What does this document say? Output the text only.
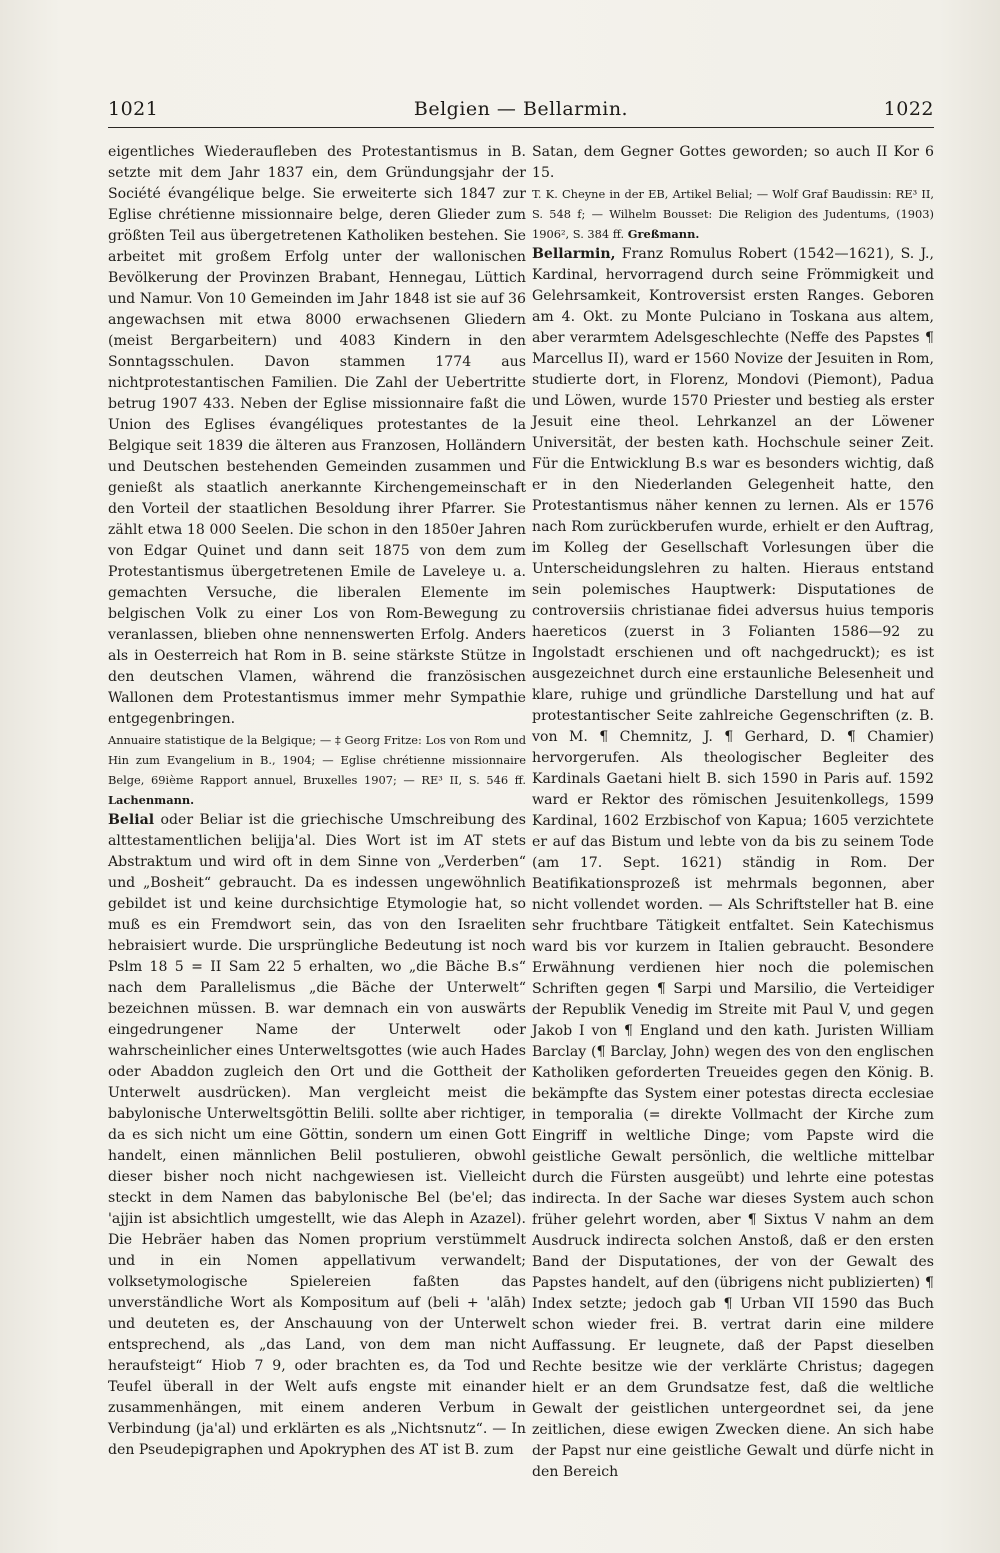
1021	Belgien — Bellarmin.	1022

eigentliches Wiederaufleben des Protestantismus in B. setzte mit dem Jahr 1837 ein, dem Gründungsjahr der Société évangélique belge. Sie erweiterte sich 1847 zur Eglise chrétienne missionnaire belge, deren Glieder zum größten Teil aus übergetretenen Katholiken bestehen. Sie arbeitet mit großem Erfolg unter der wallonischen Bevölkerung der Provinzen Brabant, Hennegau, Lüttich und Namur. Von 10 Gemeinden im Jahr 1848 ist sie auf 36 angewachsen mit etwa 8000 erwachsenen Gliedern (meist Bergarbeitern) und 4083 Kindern in den Sonntagsschulen. Davon stammen 1774 aus nichtprotestantischen Familien. Die Zahl der Uebertritte betrug 1907 433. Neben der Eglise missionnaire faßt die Union des Eglises évangéliques protestantes de la Belgique seit 1839 die älteren aus Franzosen, Holländern und Deutschen bestehenden Gemeinden zusammen und genießt als staatlich anerkannte Kirchengemeinschaft den Vorteil der staatlichen Besoldung ihrer Pfarrer. Sie zählt etwa 18 000 Seelen. Die schon in den 1850er Jahren von Edgar Quinet und dann seit 1875 von dem zum Protestantismus übergetretenen Emile de Laveleye u. a. gemachten Versuche, die liberalen Elemente im belgischen Volk zu einer Los von Rom-Bewegung zu veranlassen, blieben ohne nennenswerten Erfolg. Anders als in Oesterreich hat Rom in B. seine stärkste Stütze in den deutschen Vlamen, während die französischen Wallonen dem Protestantismus immer mehr Sympathie entgegenbringen.

Annuaire statistique de la Belgique; — ‡ Georg Fritze: Los von Rom und Hin zum Evangelium in B., 1904; — Eglise chrétienne missionnaire Belge, 69ième Rapport annuel, Bruxelles 1907; — RE³ II, S. 546 ff. Lachenmann.

Belial oder Beliar ist die griechische Umschreibung des alttestamentlichen beliјja'al. Dies Wort ist im AT stets Abstraktum und wird oft in dem Sinne von „Verderben“ und „Bosheit“ gebraucht. Da es indessen ungewöhnlich gebildet ist und keine durchsichtige Etymologie hat, so muß es ein Fremdwort sein, das von den Israeliten hebraisiert wurde. Die ursprüngliche Bedeutung ist noch Pslm 18 5 = II Sam 22 5 erhalten, wo „die Bäche B.s“ nach dem Parallelismus „die Bäche der Unterwelt“ bezeichnen müssen. B. war demnach ein von auswärts eingedrungener Name der Unterwelt oder wahrscheinlicher eines Unterweltsgottes (wie auch Hades oder Abaddon zugleich den Ort und die Gottheit der Unterwelt ausdrücken). Man vergleicht meist die babylonische Unterweltsgöttin Belili. sollte aber richtiger, da es sich nicht um eine Göttin, sondern um einen Gott handelt, einen männlichen Belil postulieren, obwohl dieser bisher noch nicht nachgewiesen ist. Vielleicht steckt in dem Namen das babylonische Bel (be'el; das 'ajjin ist absichtlich umgestellt, wie das Aleph in Azazel). Die Hebräer haben das Nomen proprium verstümmelt und in ein Nomen appellativum verwandelt; volksetymologische Spielereien faßten das unverständliche Wort als Kompositum auf (beli + 'alāh) und deuteten es, der Anschauung von der Unterwelt entsprechend, als „das Land, von dem man nicht heraufsteigt“ Hiob 7 9, oder brachten es, da Tod und Teufel überall in der Welt aufs engste mit einander zusammenhängen, mit einem anderen Verbum in Verbindung (ja'al) und erklärten es als „Nichtsnutz“. — In den Pseudepigraphen und Apokryphen des AT ist B. zum

Satan, dem Gegner Gottes geworden; so auch II Kor 6 15.

T. K. Cheyne in der EB, Artikel Belial; — Wolf Graf Baudissin: RE³ II, S. 548 f; — Wilhelm Bousset: Die Religion des Judentums, (1903) 1906², S. 384 ff. Greßmann.

Bellarmin, Franz Romulus Robert (1542—1621), S. J., Kardinal, hervorragend durch seine Frömmigkeit und Gelehrsamkeit, Kontroversist ersten Ranges. Geboren am 4. Okt. zu Monte Pulciano in Toskana aus altem, aber verarmtem Adelsgeschlechte (Neffe des Papstes ¶ Marcellus II), ward er 1560 Novize der Jesuiten in Rom, studierte dort, in Florenz, Mondovi (Piemont), Padua und Löwen, wurde 1570 Priester und bestieg als erster Jesuit eine theol. Lehrkanzel an der Löwener Universität, der besten kath. Hochschule seiner Zeit. Für die Entwicklung B.s war es besonders wichtig, daß er in den Niederlanden Gelegenheit hatte, den Protestantismus näher kennen zu lernen. Als er 1576 nach Rom zurückberufen wurde, erhielt er den Auftrag, im Kolleg der Gesellschaft Vorlesungen über die Unterscheidungslehren zu halten. Hieraus entstand sein polemisches Hauptwerk: Disputationes de controversiis christianae fidei adversus huius temporis haereticos (zuerst in 3 Folianten 1586—92 zu Ingolstadt erschienen und oft nachgedruckt); es ist ausgezeichnet durch eine erstaunliche Belesenheit und klare, ruhige und gründliche Darstellung und hat auf protestantischer Seite zahlreiche Gegenschriften (z. B. von M. ¶ Chemnitz, J. ¶ Gerhard, D. ¶ Chamier) hervorgerufen. Als theologischer Begleiter des Kardinals Gaetani hielt B. sich 1590 in Paris auf. 1592 ward er Rektor des römischen Jesuitenkollegs, 1599 Kardinal, 1602 Erzbischof von Kapua; 1605 verzichtete er auf das Bistum und lebte von da bis zu seinem Tode (am 17. Sept. 1621) ständig in Rom. Der Beatifikationsprozeß ist mehrmals begonnen, aber nicht vollendet worden. — Als Schriftsteller hat B. eine sehr fruchtbare Tätigkeit entfaltet. Sein Katechismus ward bis vor kurzem in Italien gebraucht. Besondere Erwähnung verdienen hier noch die polemischen Schriften gegen ¶ Sarpi und Marsilio, die Verteidiger der Republik Venedig im Streite mit Paul V, und gegen Jakob I von ¶ England und den kath. Juristen William Barclay (¶ Barclay, John) wegen des von den englischen Katholiken geforderten Treueides gegen den König. B. bekämpfte das System einer potestas directa ecclesiae in temporalia (= direkte Vollmacht der Kirche zum Eingriff in weltliche Dinge; vom Papste wird die geistliche Gewalt persönlich, die weltliche mittelbar durch die Fürsten ausgeübt) und lehrte eine potestas indirecta. In der Sache war dieses System auch schon früher gelehrt worden, aber ¶ Sixtus V nahm an dem Ausdruck indirecta solchen Anstoß, daß er den ersten Band der Disputationes, der von der Gewalt des Papstes handelt, auf den (übrigens nicht publizierten) ¶ Index setzte; jedoch gab ¶ Urban VII 1590 das Buch schon wieder frei. B. vertrat darin eine mildere Auffassung. Er leugnete, daß der Papst dieselben Rechte besitze wie der verklärte Christus; dagegen hielt er an dem Grundsatze fest, daß die weltliche Gewalt der geistlichen untergeordnet sei, da jene zeitlichen, diese ewigen Zwecken diene. An sich habe der Papst nur eine geistliche Gewalt und dürfe nicht in den Bereich
